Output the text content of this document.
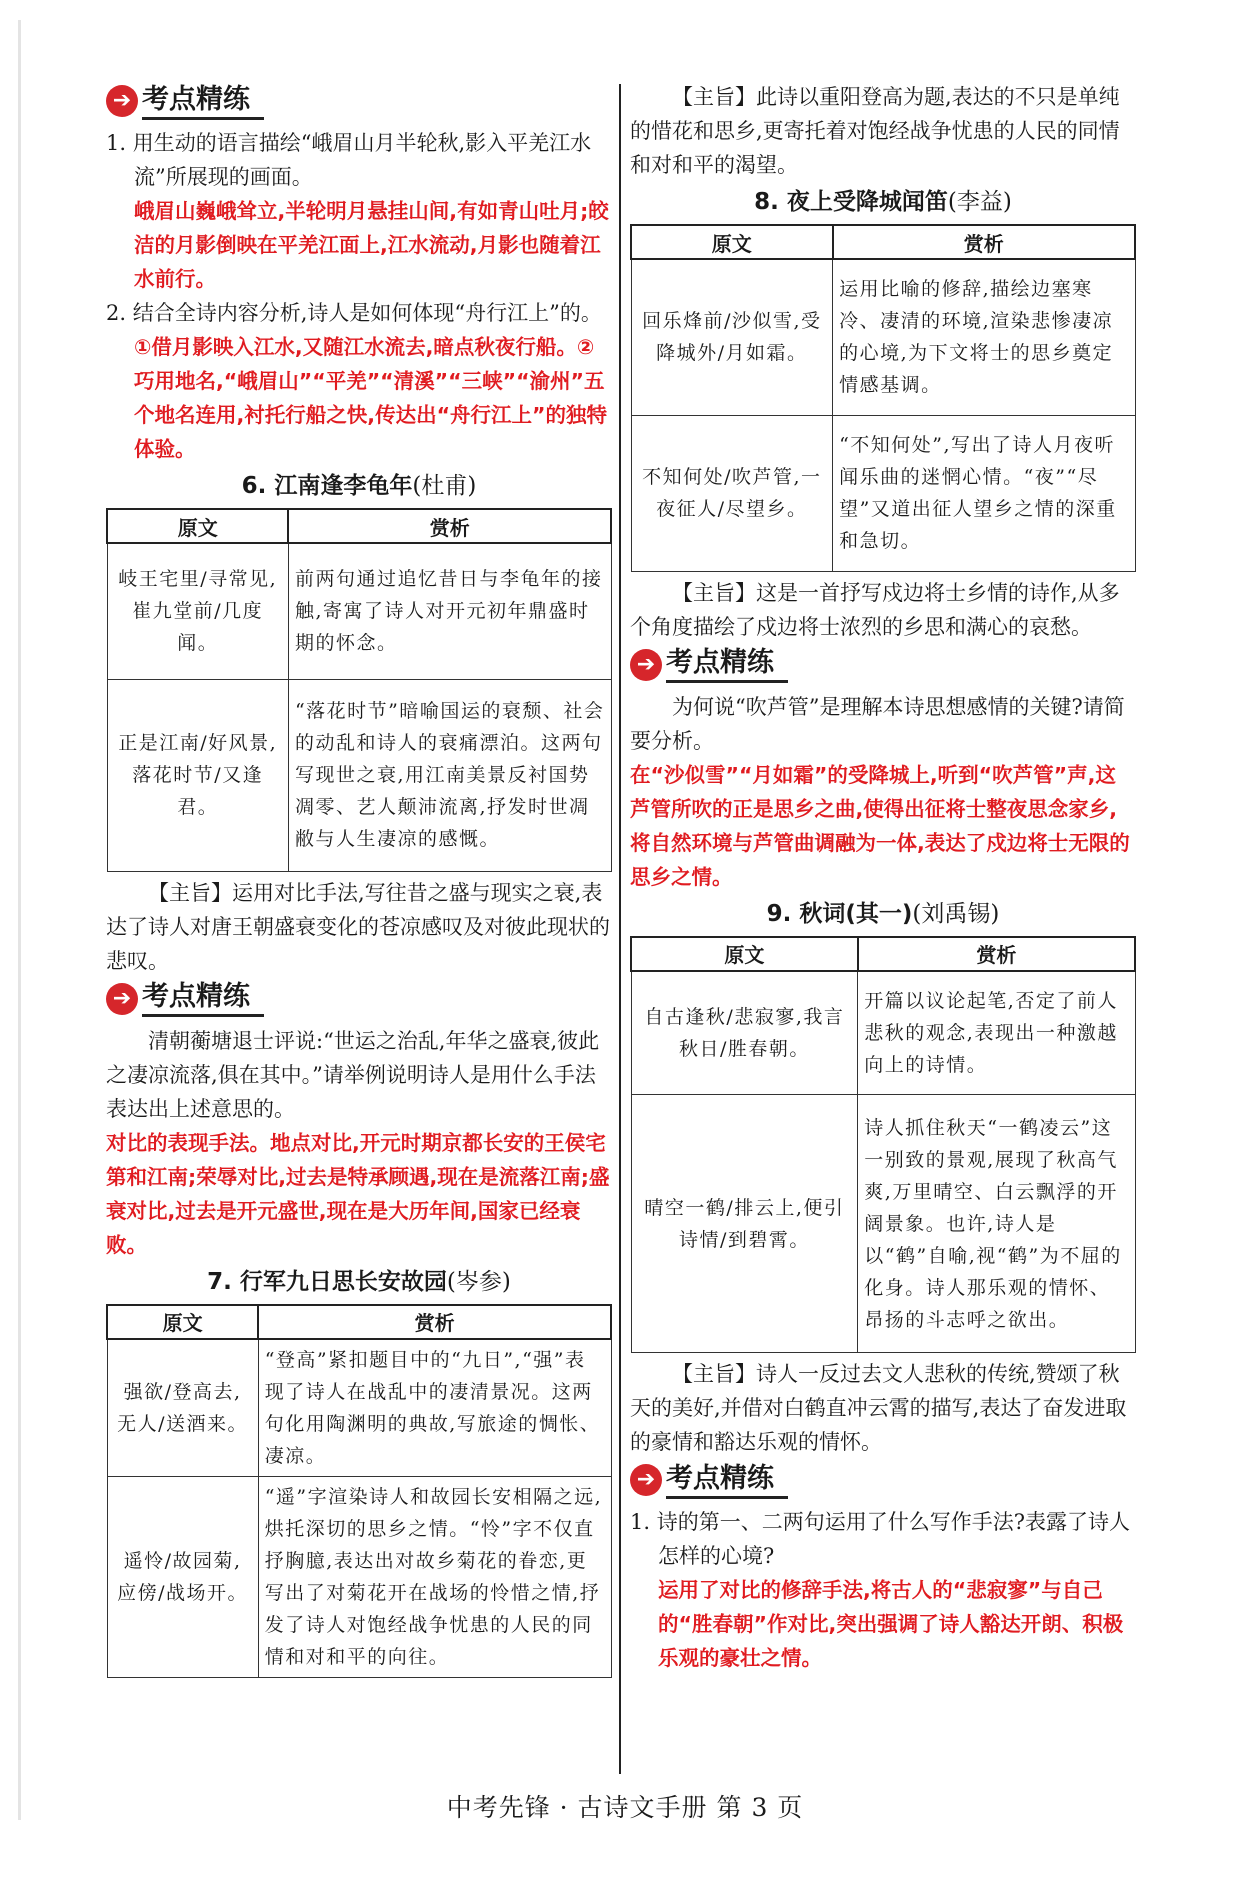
➔ 考点精练

1. 用生动的语言描绘“峨眉山月半轮秋,影入平羌江水流”所展现的画面。

峨眉山巍峨耸立,半轮明月悬挂山间,有如青山吐月;皎洁的月影倒映在平羌江面上,江水流动,月影也随着江水前行。

2. 结合全诗内容分析,诗人是如何体现“舟行江上”的。

①借月影映入江水,又随江水流去,暗点秋夜行船。②巧用地名,“峨眉山”“平羌”“清溪”“三峡”“渝州”五个地名连用,衬托行船之快,传达出“舟行江上”的独特体验。

6. 江南逢李龟年(杜甫)
原文	赏析
岐王宅里/寻常见,崔九堂前/几度闻。	前两句通过追忆昔日与李龟年的接触,寄寓了诗人对开元初年鼎盛时期的怀念。
正是江南/好风景,落花时节/又逢君。	“落花时节”暗喻国运的衰颓、社会的动乱和诗人的衰痛漂泊。这两句写现世之衰,用江南美景反衬国势凋零、艺人颠沛流离,抒发时世凋敝与人生凄凉的感慨。

【主旨】运用对比手法,写往昔之盛与现实之衰,表达了诗人对唐王朝盛衰变化的苍凉感叹及对彼此现状的悲叹。

➔ 考点精练

清朝蘅塘退士评说:“世运之治乱,年华之盛衰,彼此之凄凉流落,俱在其中。”请举例说明诗人是用什么手法表达出上述意思的。

对比的表现手法。地点对比,开元时期京都长安的王侯宅第和江南;荣辱对比,过去是特承顾遇,现在是流落江南;盛衰对比,过去是开元盛世,现在是大历年间,国家已经衰败。

7. 行军九日思长安故园(岑参)
原文	赏析
强欲/登高去,无人/送酒来。	“登高”紧扣题目中的“九日”,“强”表现了诗人在战乱中的凄清景况。这两句化用陶渊明的典故,写旅途的惆怅、凄凉。
遥怜/故园菊,应傍/战场开。	“遥”字渲染诗人和故园长安相隔之远,烘托深切的思乡之情。“怜”字不仅直抒胸臆,表达出对故乡菊花的眷恋,更写出了对菊花开在战场的怜惜之情,抒发了诗人对饱经战争忧患的人民的同情和对和平的向往。

【主旨】此诗以重阳登高为题,表达的不只是单纯的惜花和思乡,更寄托着对饱经战争忧患的人民的同情和对和平的渴望。

8. 夜上受降城闻笛(李益)
原文	赏析
回乐烽前/沙似雪,受降城外/月如霜。	运用比喻的修辞,描绘边塞寒冷、凄清的环境,渲染悲惨凄凉的心境,为下文将士的思乡奠定情感基调。
不知何处/吹芦管,一夜征人/尽望乡。	“不知何处”,写出了诗人月夜听闻乐曲的迷惘心情。“夜”“尽望”又道出征人望乡之情的深重和急切。

【主旨】这是一首抒写戍边将士乡情的诗作,从多个角度描绘了戍边将士浓烈的乡思和满心的哀愁。

➔ 考点精练

为何说“吹芦管”是理解本诗思想感情的关键?请简要分析。

在“沙似雪”“月如霜”的受降城上,听到“吹芦管”声,这芦管所吹的正是思乡之曲,使得出征将士整夜思念家乡,将自然环境与芦管曲调融为一体,表达了戍边将士无限的思乡之情。

9. 秋词(其一)(刘禹锡)
原文	赏析
自古逢秋/悲寂寥,我言秋日/胜春朝。	开篇以议论起笔,否定了前人悲秋的观念,表现出一种激越向上的诗情。
晴空一鹤/排云上,便引诗情/到碧霄。	诗人抓住秋天“一鹤凌云”这一别致的景观,展现了秋高气爽,万里晴空、白云飘浮的开阔景象。也许,诗人是以“鹤”自喻,视“鹤”为不屈的化身。诗人那乐观的情怀、昂扬的斗志呼之欲出。

【主旨】诗人一反过去文人悲秋的传统,赞颂了秋天的美好,并借对白鹤直冲云霄的描写,表达了奋发进取的豪情和豁达乐观的情怀。

➔ 考点精练

1. 诗的第一、二两句运用了什么写作手法?表露了诗人怎样的心境?

运用了对比的修辞手法,将古人的“悲寂寥”与自己的“胜春朝”作对比,突出强调了诗人豁达开朗、积极乐观的豪壮之情。

中考先锋 · 古诗文手册 第 3 页
